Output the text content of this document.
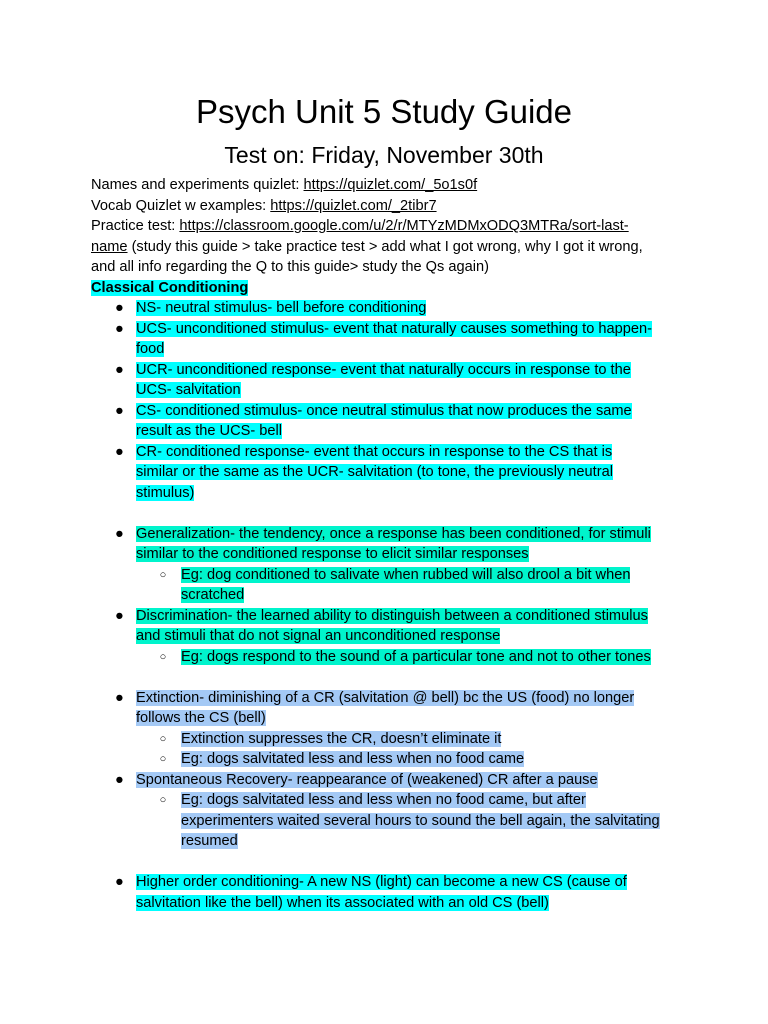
Psych Unit 5 Study Guide
Test on: Friday, November 30th
Names and experiments quizlet: https://quizlet.com/_5o1s0f
Vocab Quizlet w examples: https://quizlet.com/_2tibr7
Practice test: https://classroom.google.com/u/2/r/MTYzMDMxODQ3MTRa/sort-last-
name (study this guide > take practice test > add what I got wrong, why I got it wrong,
and all info regarding the Q to this guide> study the Qs again)
Classical Conditioning
● NS- neutral stimulus- bell before conditioning
● UCS- unconditioned stimulus- event that naturally causes something to happen-
food
● UCR- unconditioned response- event that naturally occurs in response to the
UCS- salvitation
● CS- conditioned stimulus- once neutral stimulus that now produces the same
result as the UCS- bell
● CR- conditioned response- event that occurs in response to the CS that is
similar or the same as the UCR- salvitation (to tone, the previously neutral
stimulus)
● Generalization- the tendency, once a response has been conditioned, for stimuli
similar to the conditioned response to elicit similar responses
○ Eg: dog conditioned to salivate when rubbed will also drool a bit when
scratched
● Discrimination- the learned ability to distinguish between a conditioned stimulus
and stimuli that do not signal an unconditioned response
○ Eg: dogs respond to the sound of a particular tone and not to other tones
● Extinction- diminishing of a CR (salvitation @ bell) bc the US (food) no longer
follows the CS (bell)
○ Extinction suppresses the CR, doesn’t eliminate it
○ Eg: dogs salvitated less and less when no food came
● Spontaneous Recovery- reappearance of (weakened) CR after a pause
○ Eg: dogs salvitated less and less when no food came, but after
experimenters waited several hours to sound the bell again, the salvitating
resumed
● Higher order conditioning- A new NS (light) can become a new CS (cause of
salvitation like the bell) when its associated with an old CS (bell)
